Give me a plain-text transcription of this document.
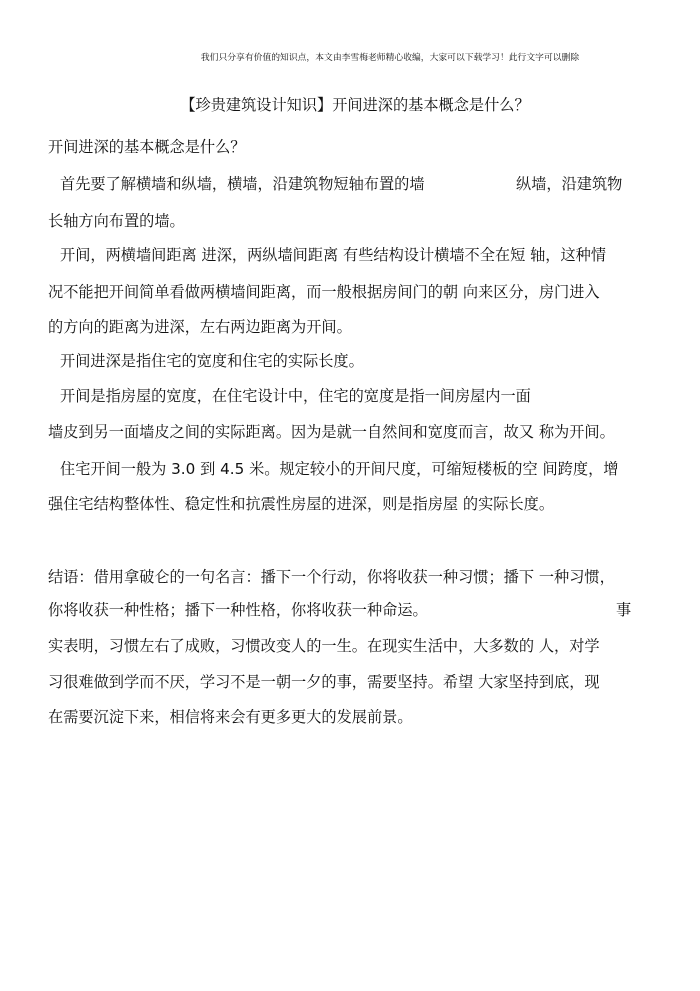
我们只分享有价值的知识点，本文由李雪梅老师精心收编，大家可以下载学习！此行文字可以删除
【珍贵建筑设计知识】开间进深的基本概念是什么？
开间进深的基本概念是什么？
首先要了解横墙和纵墙，横墙，沿建筑物短轴布置的墙	纵墙，沿建筑物
长轴方向布置的墙。
开间，两横墙间距离 进深，两纵墙间距离 有些结构设计横墙不全在短 轴，这种情
况不能把开间简单看做两横墙间距离，而一般根据房间门的朝 向来区分，房门进入
的方向的距离为进深，左右两边距离为开间。
开间进深是指住宅的宽度和住宅的实际长度。
开间是指房屋的宽度，在住宅设计中，住宅的宽度是指一间房屋内一面
墙皮到另一面墙皮之间的实际距离。因为是就一自然间和宽度而言，故又 称为开间。
住宅开间一般为 3.0 到 4.5 米。规定较小的开间尺度，可缩短楼板的空 间跨度，增
强住宅结构整体性、稳定性和抗震性房屋的进深，则是指房屋 的实际长度。
结语：借用拿破仑的一句名言：播下一个行动，你将收获一种习惯；播下 一种习惯，
你将收获一种性格；播下一种性格，你将收获一种命运。	事
实表明，习惯左右了成败，习惯改变人的一生。在现实生活中，大多数的 人，对学
习很难做到学而不厌，学习不是一朝一夕的事，需要坚持。希望 大家坚持到底，现
在需要沉淀下来，相信将来会有更多更大的发展前景。
